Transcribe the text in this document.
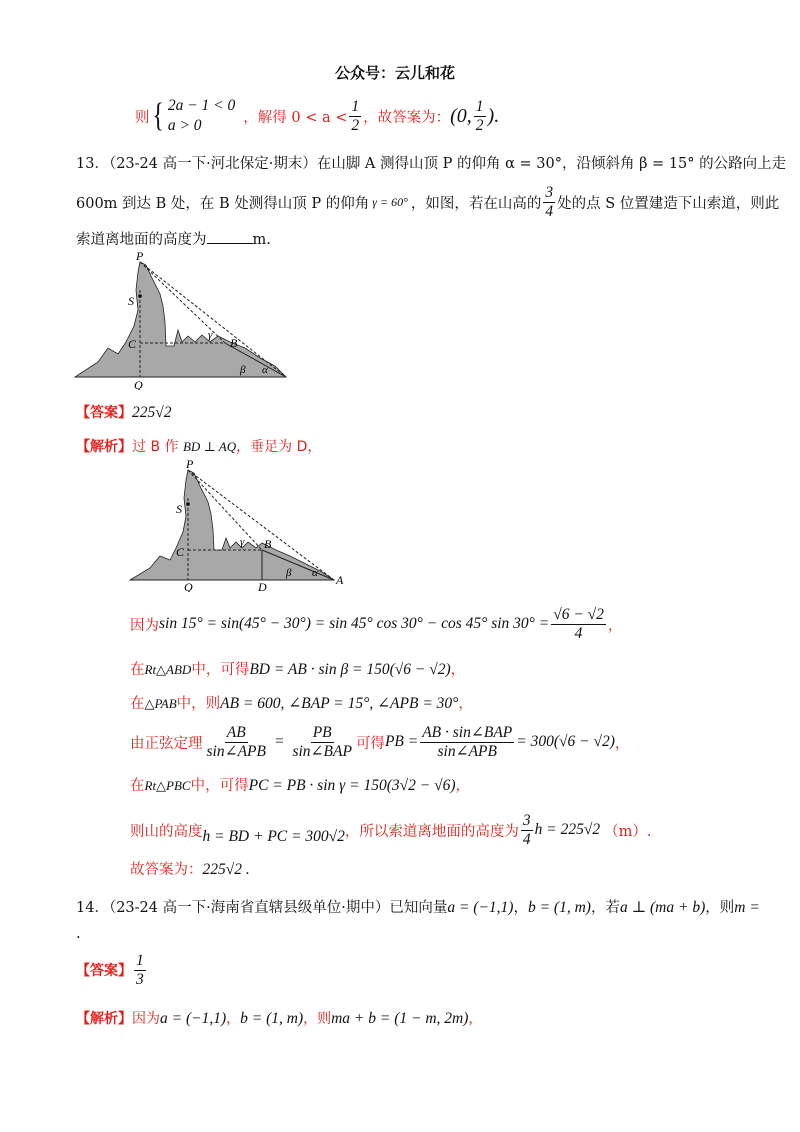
公众号：云儿和花
则 { 2a − 1 < 0
a > 0	，解得 $0 < a < \frac{1}{2}$ ，故答案为： (0, $\frac{1}{2}$ ).
13．（23-24 高一下·河北保定·期末）在山脚 A 测得山顶 P 的仰角 α = 30°，沿倾斜角 β = 15° 的公路向上走
600m 到达 B 处，在 B 处测得山顶 P 的仰角 γ = 60° ，如图，若在山高的 $\frac{3}{4}$ 处的点 S 位置建造下山索道，则此
索道离地面的高度为	m.
P
S
C	B
Q
γ
β α
【答案】225√2
【解析】过 B 作 BD ⊥ AQ，垂足为 D，
P
S
C
B
Q	D	A
γ
β α
因为 sin 15° = sin(45° − 30°) = sin 45° cos 30° − cos 45° $\sin 30^\circ = \frac{√6 - √2}{4}$ ，
在Rt△ABD中，可得BD = AB · sin β = 150(√6 − √2)，
在△PAB中，则AB = 600, ∠BAP = 15°, ∠APB = 30°，
由正弦定理 $\frac{AB}{\text{sin∠APB}} = \frac{PB}{\text{sin∠BAP}}$ 可得 PB = $\frac{\text{AB · sin∠BAP}}{\text{sin∠APB}} = 300(√6 - √2)$ ，
在Rt△PBC中，可得PC = PB · sin γ = 150(3√2 − √6)，
则山的高度 h = BD + PC = 300√2 ，所以索道离地面的高度为 $\frac{3}{4}$ h = 225√2 （m）.
故答案为：225√2 .
14．（23-24 高一下·海南省直辖县级单位·期中）已知向量a = (−1,1)，b = (1, m)，若a ⊥ (ma + b)，则m =
.
【答案】 $\frac{1}{3}$
【解析】因为a = (−1,1)，b = (1, m)，则ma + b = (1 − m, 2m)，
